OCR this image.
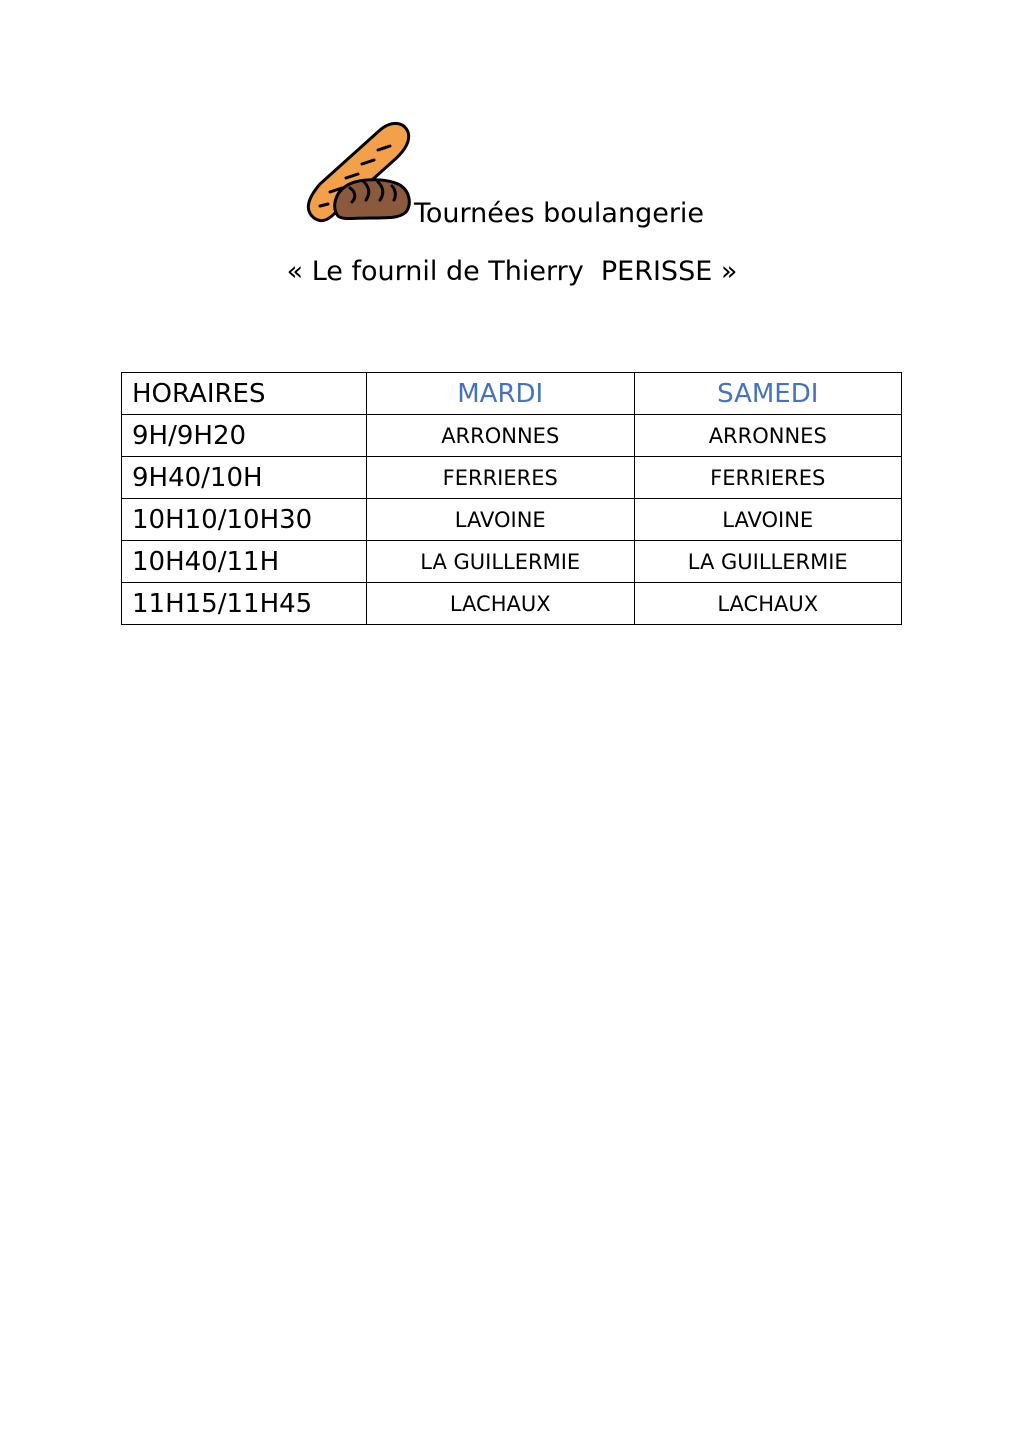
Tournées boulangerie
« Le fournil de Thierry  PERISSE »
HORAIRES	MARDI	SAMEDI
9H/9H20	ARRONNES	ARRONNES
9H40/10H	FERRIERES	FERRIERES
10H10/10H30	LAVOINE	LAVOINE
10H40/11H	LA GUILLERMIE	LA GUILLERMIE
11H15/11H45	LACHAUX	LACHAUX
